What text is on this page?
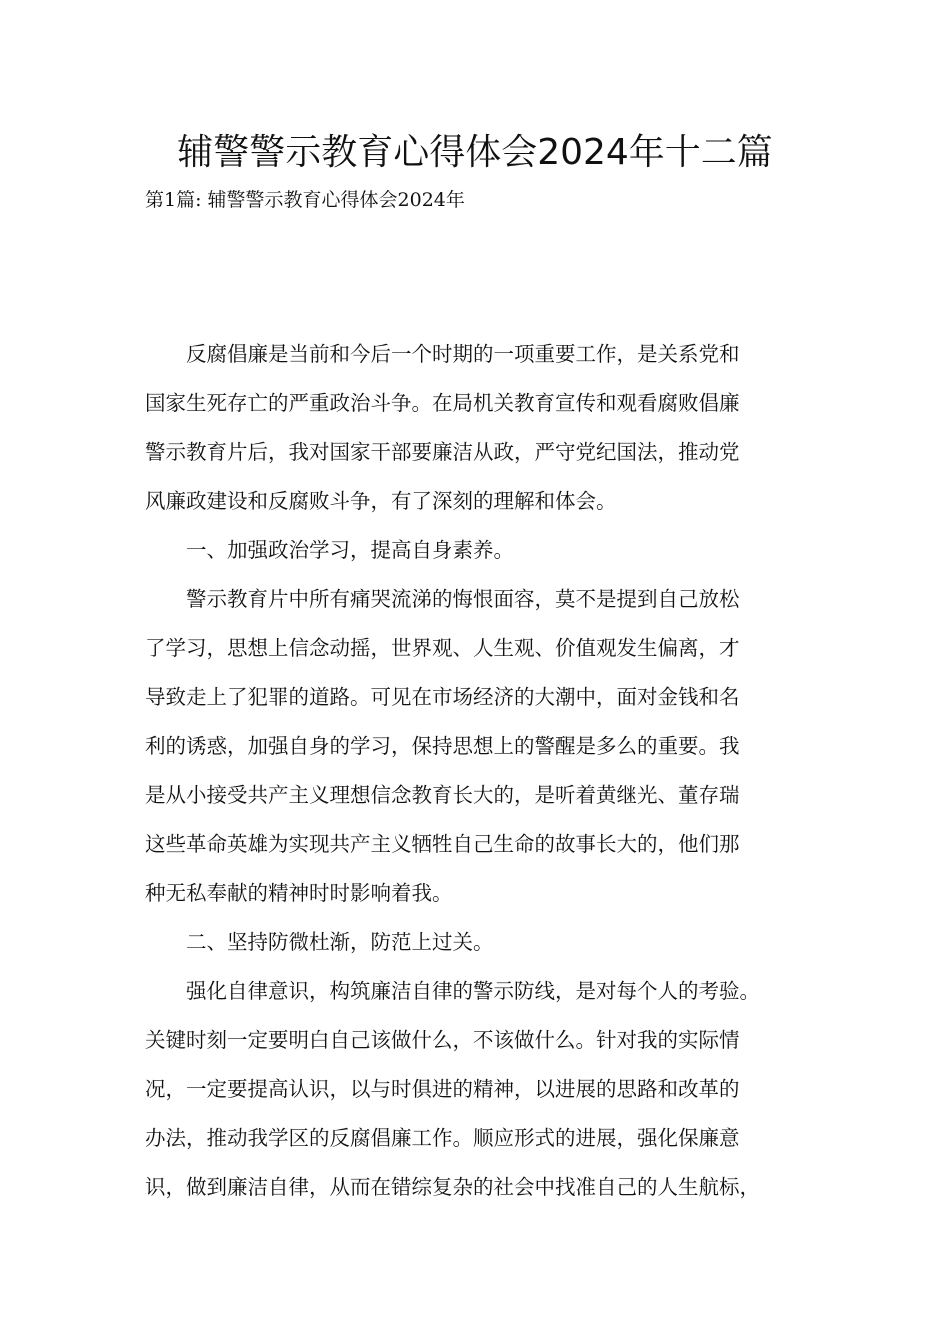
辅警警示教育心得体会2024年十二篇
第1篇: 辅警警示教育心得体会2024年
　　反腐倡廉是当前和今后一个时期的一项重要工作，是关系党和
国家生死存亡的严重政治斗争。在局机关教育宣传和观看腐败倡廉
警示教育片后，我对国家干部要廉洁从政，严守党纪国法，推动党
风廉政建设和反腐败斗争，有了深刻的理解和体会。
　　一、加强政治学习，提高自身素养。
　　警示教育片中所有痛哭流涕的悔恨面容，莫不是提到自己放松
了学习，思想上信念动摇，世界观、人生观、价值观发生偏离，才
导致走上了犯罪的道路。可见在市场经济的大潮中，面对金钱和名
利的诱惑，加强自身的学习，保持思想上的警醒是多么的重要。我
是从小接受共产主义理想信念教育长大的，是听着黄继光、董存瑞
这些革命英雄为实现共产主义牺牲自己生命的故事长大的，他们那
种无私奉献的精神时时影响着我。
　　二、坚持防微杜渐，防范上过关。
　　强化自律意识，构筑廉洁自律的警示防线，是对每个人的考验。
关键时刻一定要明白自己该做什么，不该做什么。针对我的实际情
况，一定要提高认识，以与时俱进的精神，以进展的思路和改革的
办法，推动我学区的反腐倡廉工作。顺应形式的进展，强化保廉意
识，做到廉洁自律，从而在错综复杂的社会中找准自己的人生航标，
